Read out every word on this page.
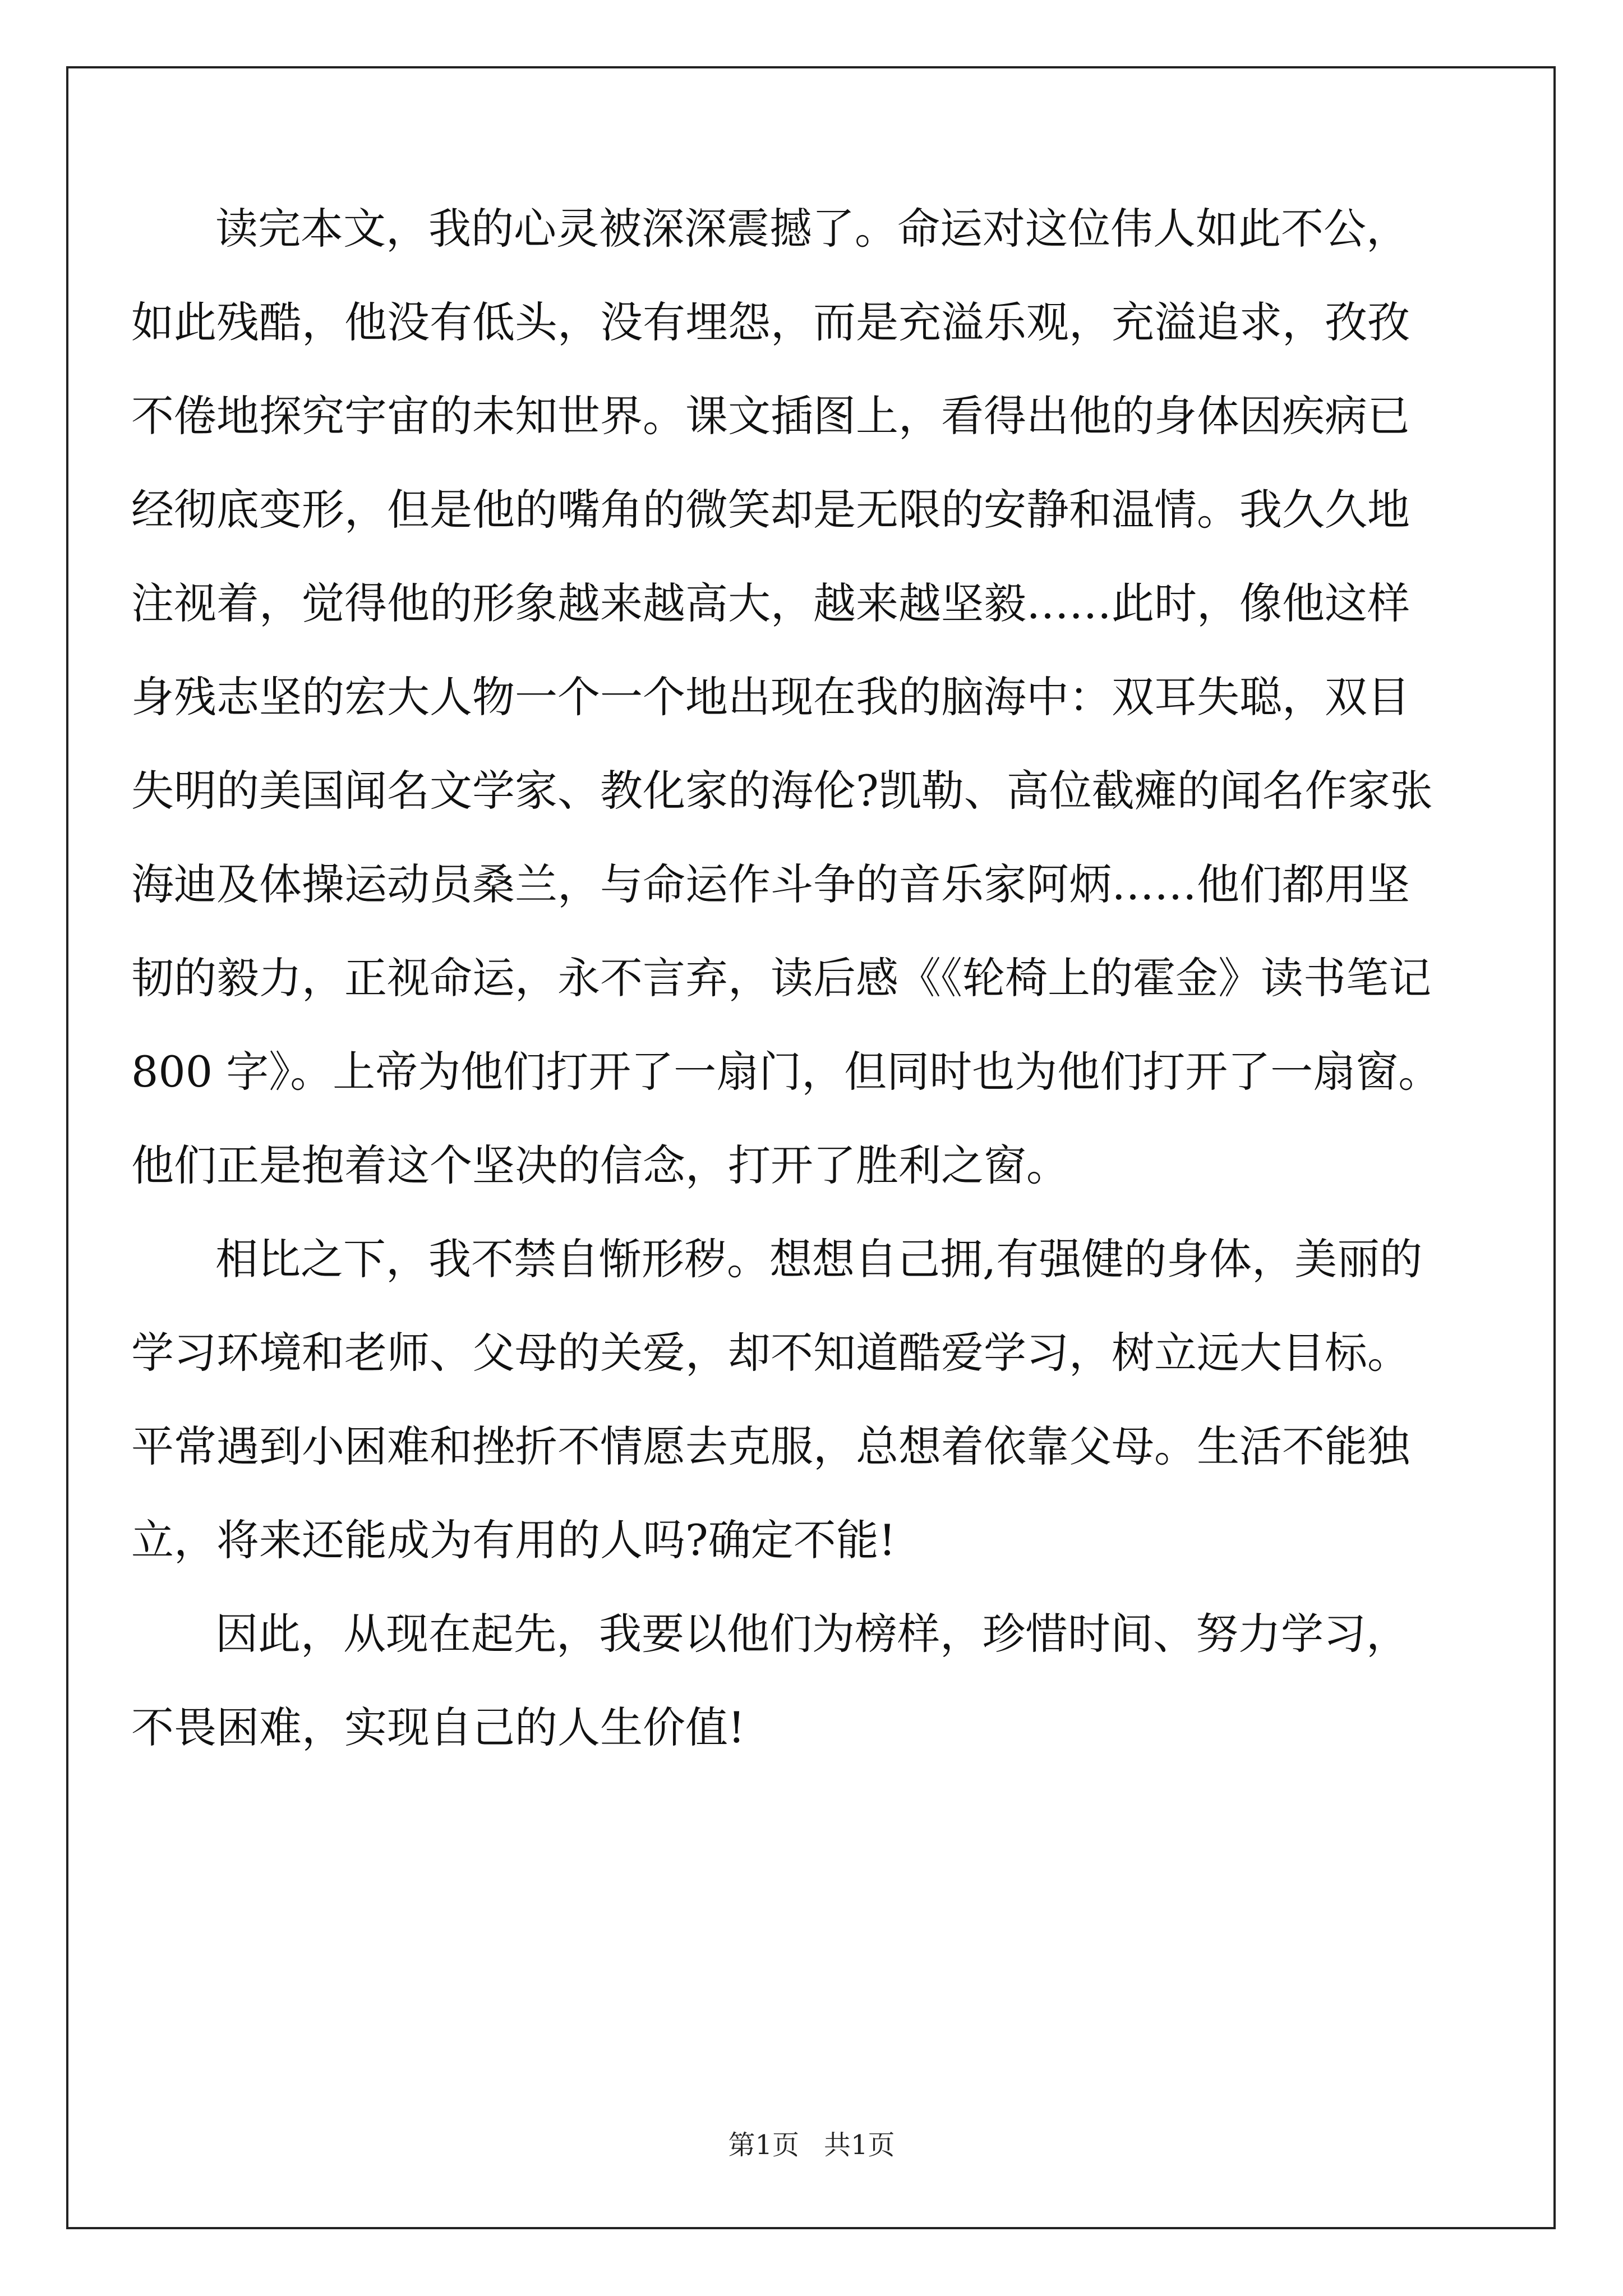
读完本文，我的心灵被深深震撼了。命运对这位伟人如此不公，
如此残酷，他没有低头，没有埋怨，而是充溢乐观，充溢追求，孜孜
不倦地探究宇宙的未知世界。课文插图上，看得出他的身体因疾病已
经彻底变形，但是他的嘴角的微笑却是无限的安静和温情。我久久地
注视着，觉得他的形象越来越高大，越来越坚毅……此时，像他这样
身残志坚的宏大人物一个一个地出现在我的脑海中：双耳失聪，双目
失明的美国闻名文学家、教化家的海伦?凯勒、高位截瘫的闻名作家张
海迪及体操运动员桑兰，与命运作斗争的音乐家阿炳……他们都用坚
韧的毅力，正视命运，永不言弃，读后感《《轮椅上的霍金》读书笔记
800 字》。上帝为他们打开了一扇门，但同时也为他们打开了一扇窗。
他们正是抱着这个坚决的信念，打开了胜利之窗。
相比之下，我不禁自惭形秽。想想自己拥,有强健的身体，美丽的
学习环境和老师、父母的关爱，却不知道酷爱学习，树立远大目标。
平常遇到小困难和挫折不情愿去克服，总想着依靠父母。生活不能独
立，将来还能成为有用的人吗?确定不能!
因此，从现在起先，我要以他们为榜样，珍惜时间、努力学习，
不畏困难，实现自己的人生价值!
第1页 共1页
